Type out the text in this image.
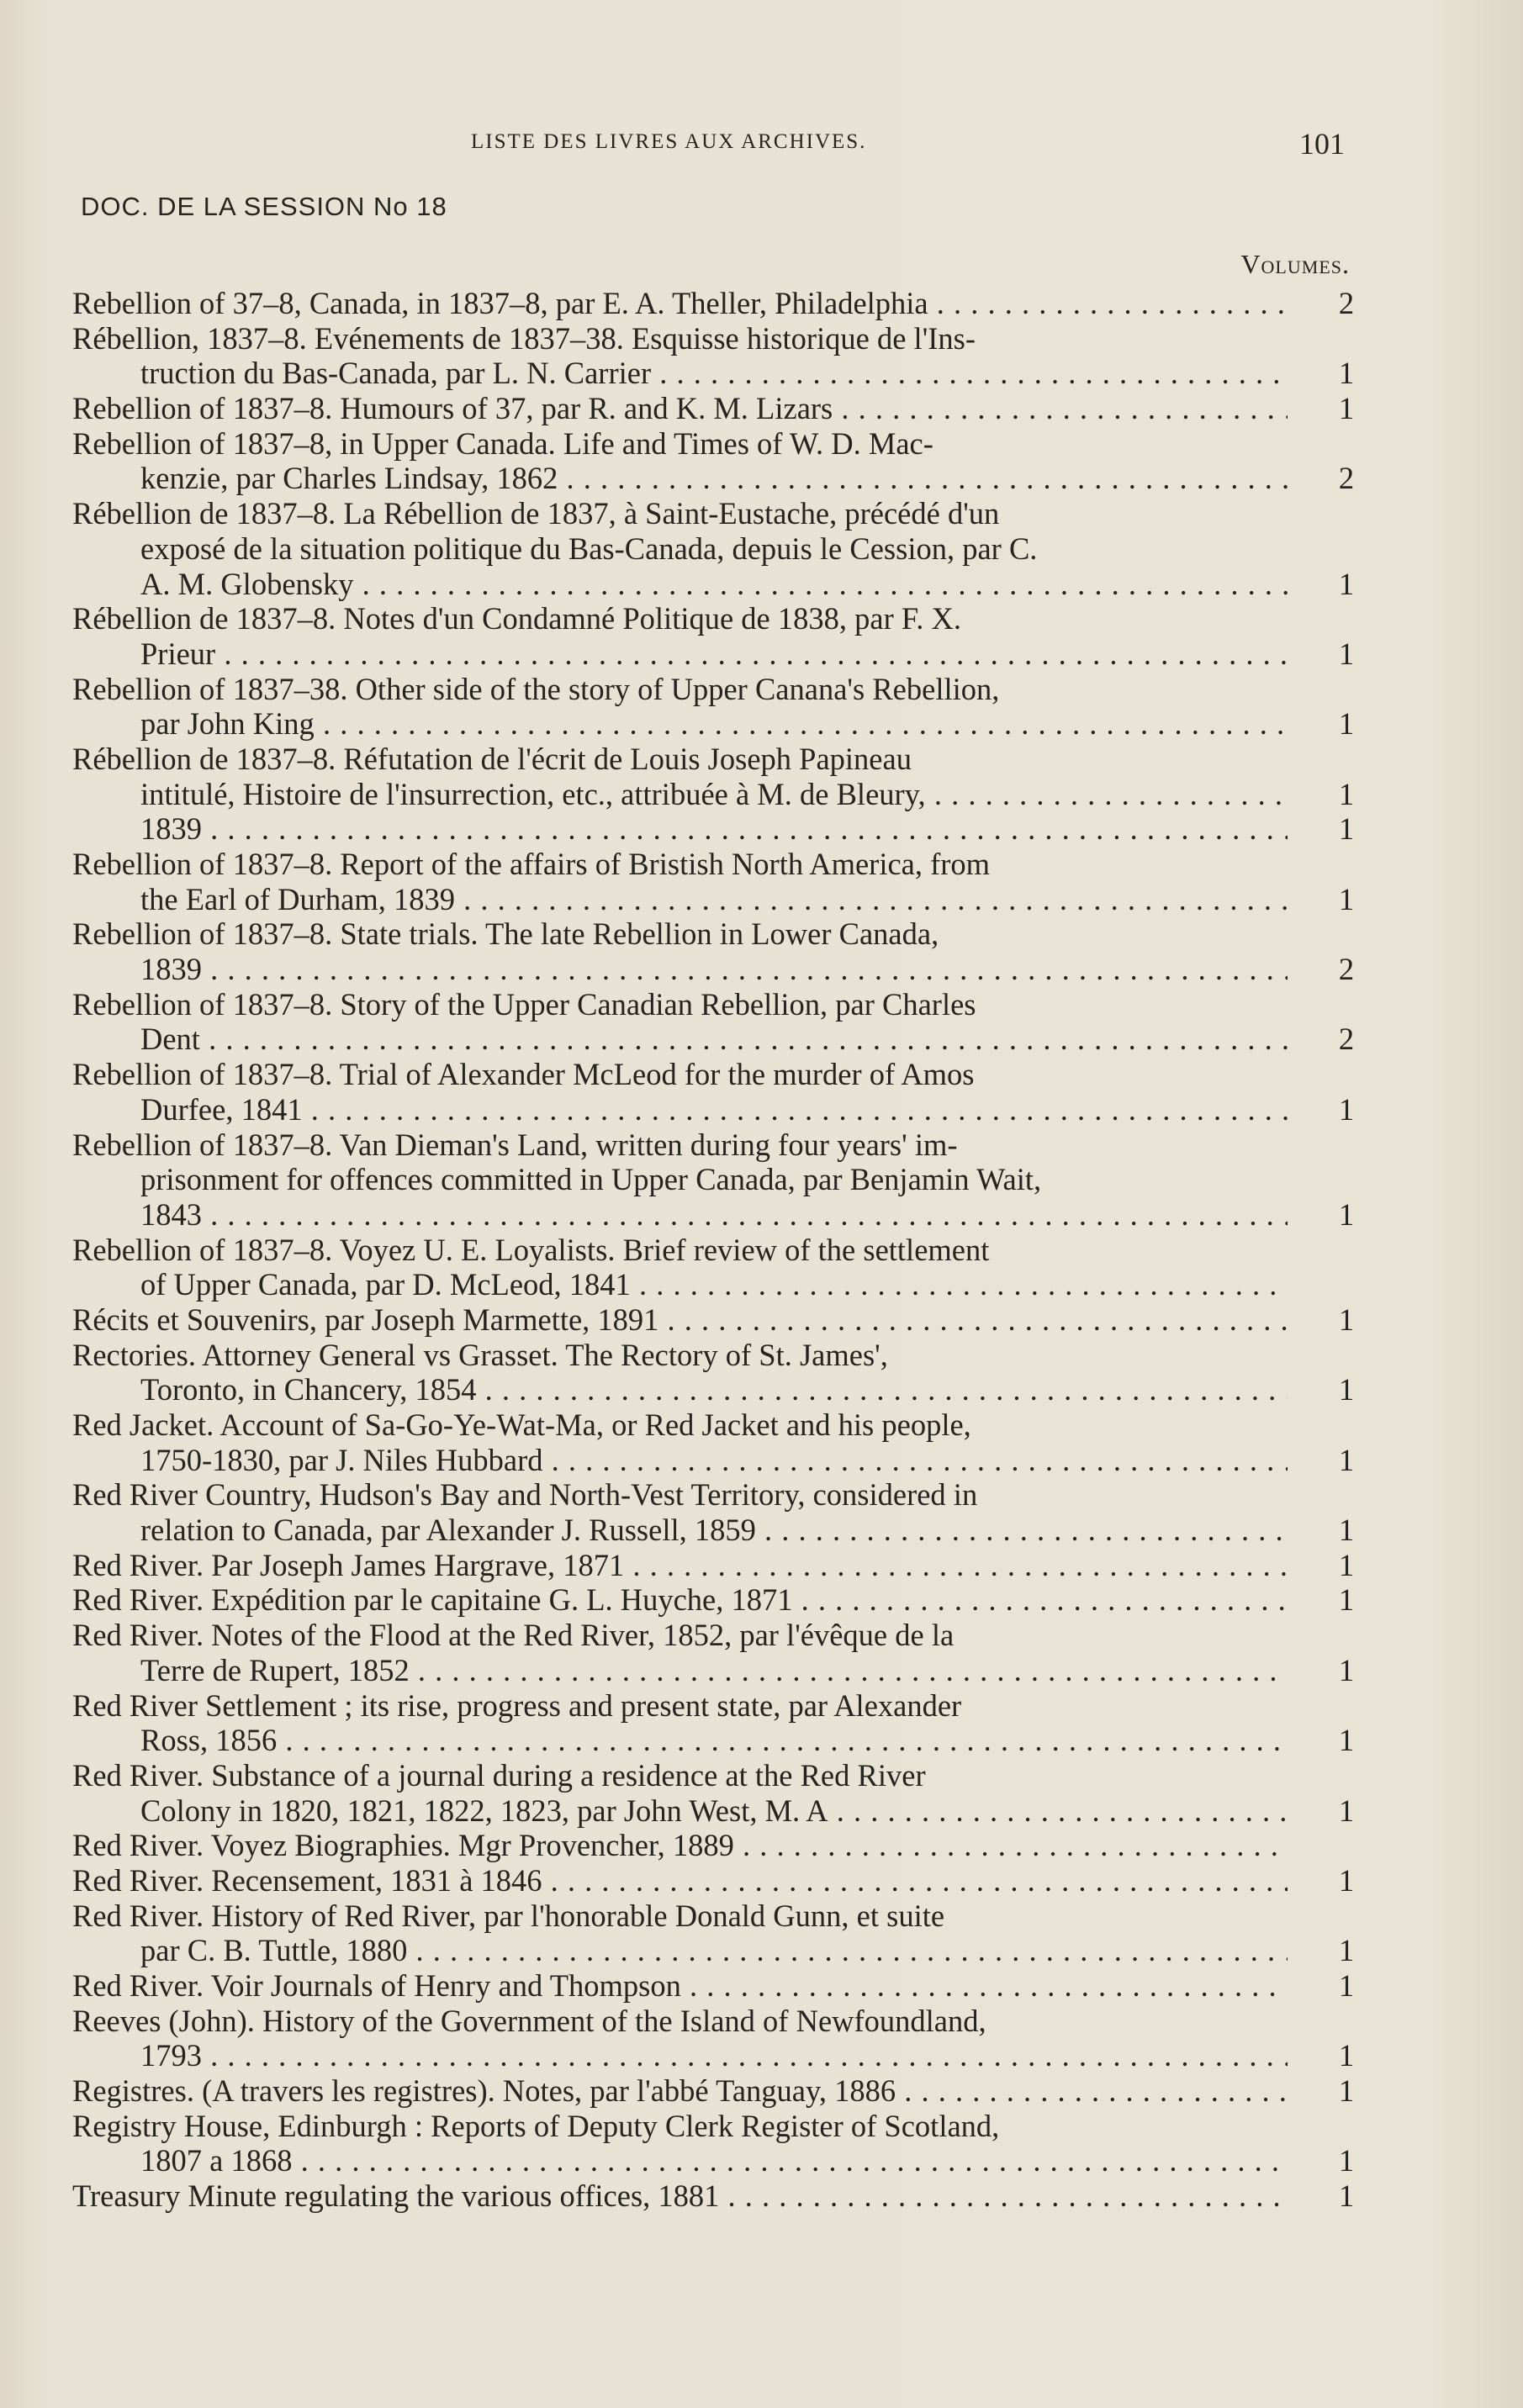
LISTE DES LIVRES AUX ARCHIVES.	101
DOC. DE LA SESSION No 18
Volumes.
Rebellion of 37–8, Canada, in 1837–8, par E. A. Theller, Philadelphia . . .	2
Rébellion, 1837–8. Evénements de 1837–38. Esquisse historique de l'Ins-
truction du Bas-Canada, par L. N. Carrier . . .	1
Rebellion of 1837–8. Humours of 37, par R. and K. M. Lizars . . .	1
Rebellion of 1837–8, in Upper Canada. Life and Times of W. D. Mac-
kenzie, par Charles Lindsay, 1862 . . .	2
Rébellion de 1837–8. La Rébellion de 1837, à Saint-Eustache, précédé d'un
exposé de la situation politique du Bas-Canada, depuis le Cession, par C.
A. M. Globensky . . .	1
Rébellion de 1837–8. Notes d'un Condamné Politique de 1838, par F. X.
Prieur . . .	1
Rebellion of 1837–38. Other side of the story of Upper Canana's Rebellion,
par John King . . .	1
Rébellion de 1837–8. Réfutation de l'écrit de Louis Joseph Papineau
intitulé, Histoire de l'insurrection, etc., attribuée à M. de Bleury, . . .	1
1839 . . .	1
Rebellion of 1837–8. Report of the affairs of Bristish North America, from
the Earl of Durham, 1839 . . .	1
Rebellion of 1837–8. State trials. The late Rebellion in Lower Canada,
1839 . . .	2
Rebellion of 1837–8. Story of the Upper Canadian Rebellion, par Charles
Dent . . .	2
Rebellion of 1837–8. Trial of Alexander McLeod for the murder of Amos
Durfee, 1841 . . .	1
Rebellion of 1837–8. Van Dieman's Land, written during four years' im-
prisonment for offences committed in Upper Canada, par Benjamin Wait,
1843 . . .	1
Rebellion of 1837–8. Voyez U. E. Loyalists. Brief review of the settlement
of Upper Canada, par D. McLeod, 1841 . . .
Récits et Souvenirs, par Joseph Marmette, 1891 . . .	1
Rectories. Attorney General vs Grasset. The Rectory of St. James',
Toronto, in Chancery, 1854 . . .	1
Red Jacket. Account of Sa-Go-Ye-Wat-Ma, or Red Jacket and his people,
1750-1830, par J. Niles Hubbard . . .	1
Red River Country, Hudson's Bay and North-Vest Territory, considered in
relation to Canada, par Alexander J. Russell, 1859 . . .	1
Red River. Par Joseph James Hargrave, 1871 . . .	1
Red River. Expédition par le capitaine G. L. Huyche, 1871 . . .	1
Red River. Notes of the Flood at the Red River, 1852, par l'évêque de la
Terre de Rupert, 1852 . . .	1
Red River Settlement ; its rise, progress and present state, par Alexander
Ross, 1856 . . .	1
Red River. Substance of a journal during a residence at the Red River
Colony in 1820, 1821, 1822, 1823, par John West, M. A . . .	1
Red River. Voyez Biographies. Mgr Provencher, 1889 . . .
Red River. Recensement, 1831 à 1846 . . .	1
Red River. History of Red River, par l'honorable Donald Gunn, et suite
par C. B. Tuttle, 1880 . . .	1
Red River. Voir Journals of Henry and Thompson . . .	1
Reeves (John). History of the Government of the Island of Newfoundland,
1793 . . .	1
Registres. (A travers les registres). Notes, par l'abbé Tanguay, 1886 . . .	1
Registry House, Edinburgh : Reports of Deputy Clerk Register of Scotland,
1807 a 1868 . . .	1
Treasury Minute regulating the various offices, 1881 . . .	1
